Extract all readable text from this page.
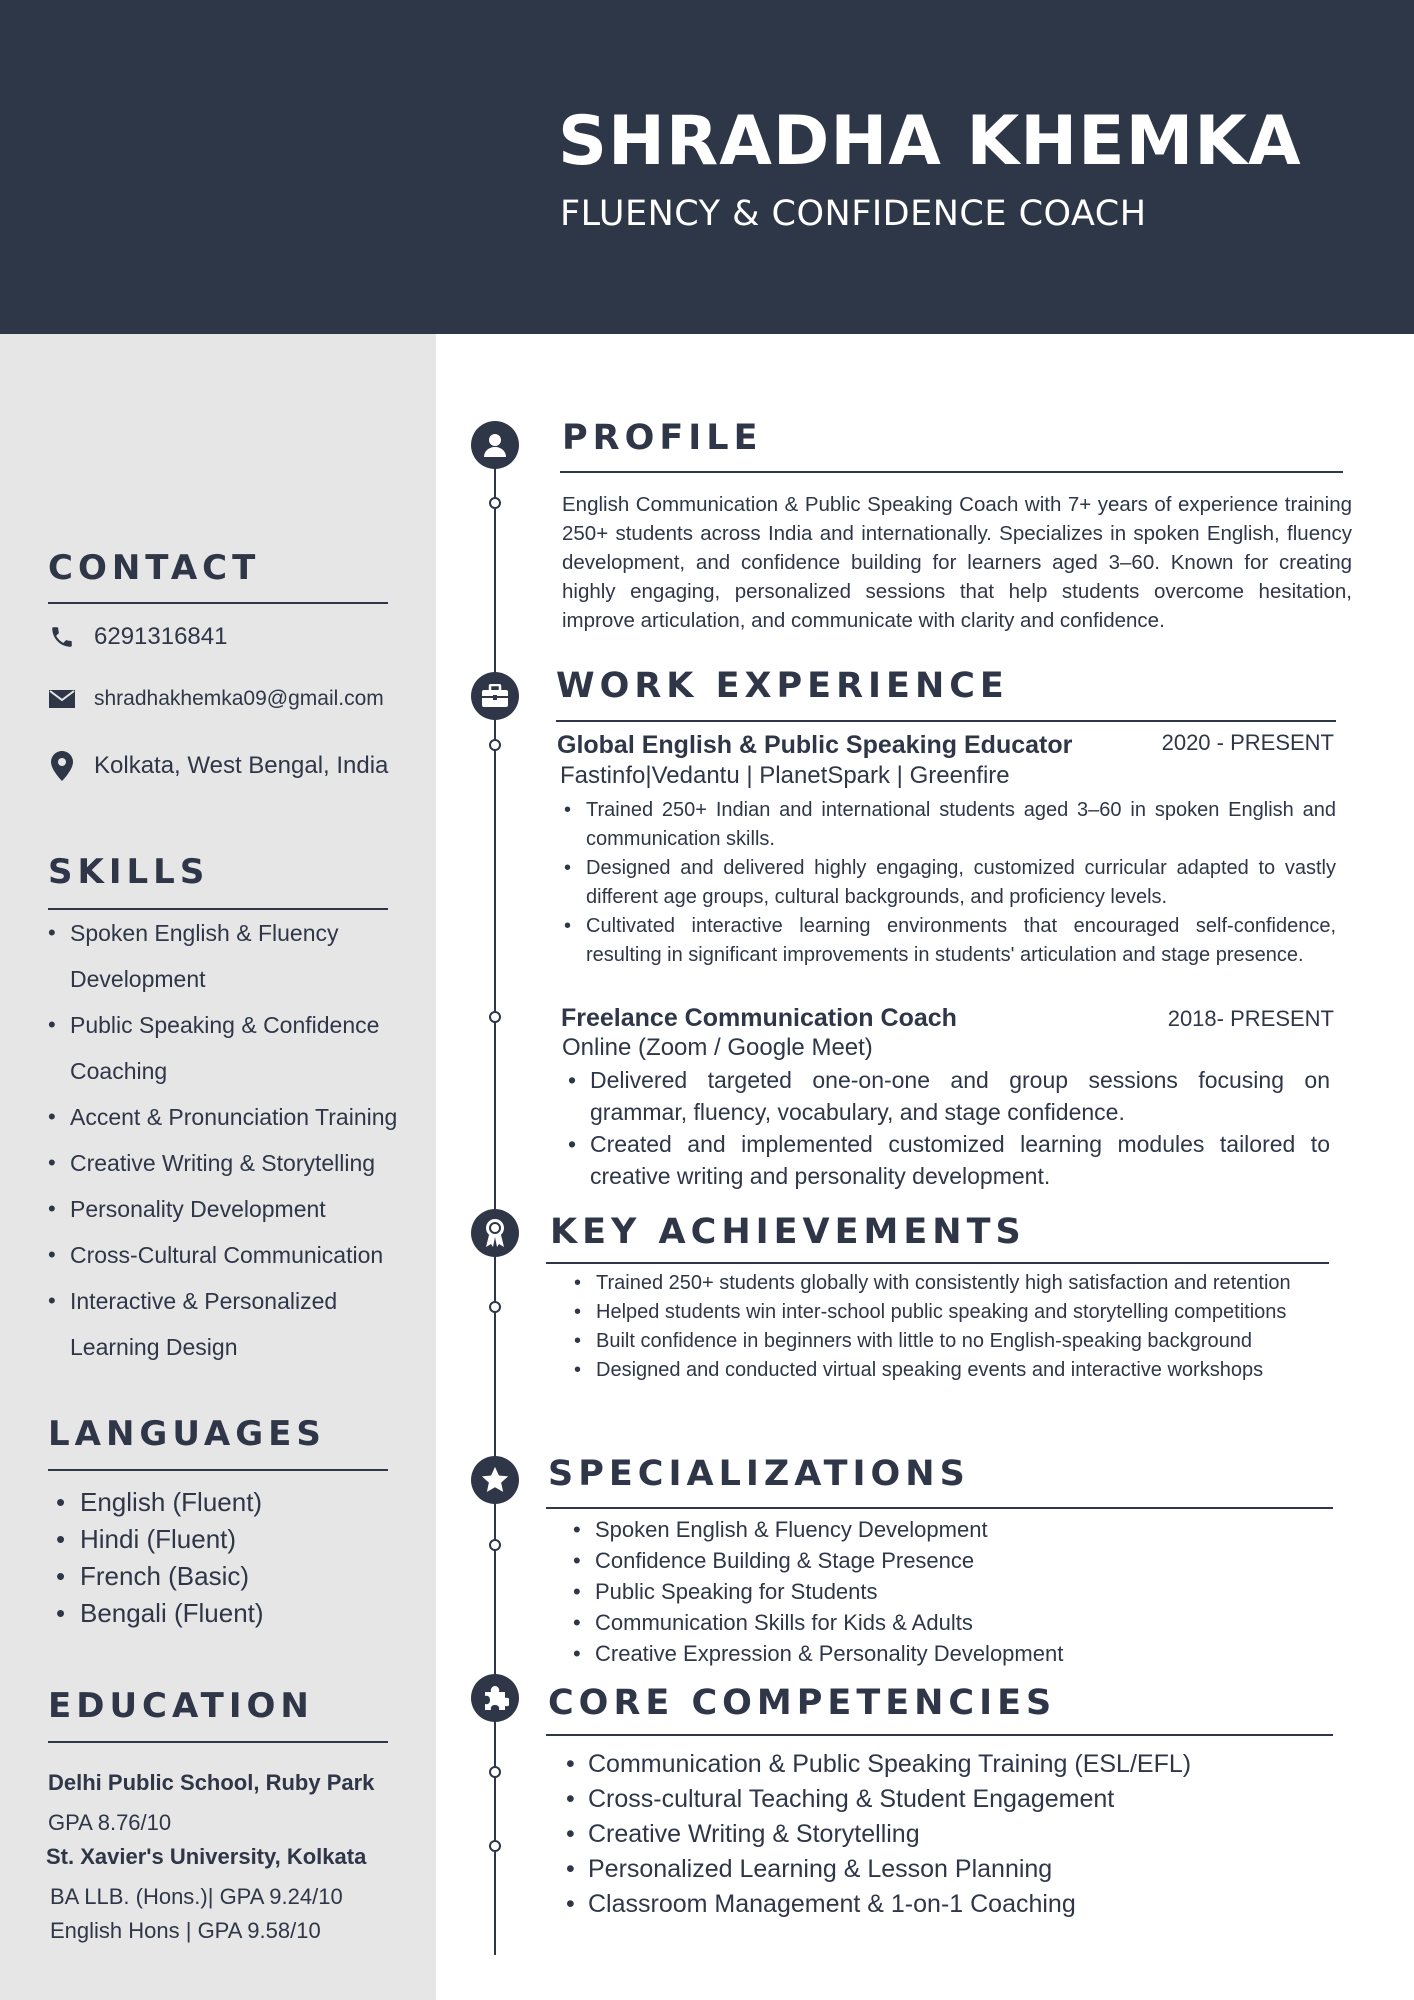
SHRADHA KHEMKA
FLUENCY & CONFIDENCE COACH
CONTACT
6291316841
shradhakhemka09@gmail.com
Kolkata, West Bengal, India
SKILLS
• Spoken English & Fluency Development
• Public Speaking & Confidence Coaching
• Accent & Pronunciation Training
• Creative Writing & Storytelling
• Personality Development
• Cross-Cultural Communication
• Interactive & Personalized Learning Design
LANGUAGES
• English (Fluent)
• Hindi (Fluent)
• French (Basic)
• Bengali (Fluent)
EDUCATION
Delhi Public School, Ruby Park
GPA 8.76/10
St. Xavier's University, Kolkata
BA LLB. (Hons.)| GPA 9.24/10
English Hons | GPA 9.58/10
PROFILE
English Communication & Public Speaking Coach with 7+ years of experience training 250+ students across India and internationally. Specializes in spoken English, fluency development, and confidence building for learners aged 3–60. Known for creating highly engaging, personalized sessions that help students overcome hesitation, improve articulation, and communicate with clarity and confidence.
WORK EXPERIENCE
Global English & Public Speaking Educator	2020 - PRESENT
Fastinfo|Vedantu | PlanetSpark | Greenfire
• Trained 250+ Indian and international students aged 3–60 in spoken English and communication skills.
• Designed and delivered highly engaging, customized curricular adapted to vastly different age groups, cultural backgrounds, and proficiency levels.
• Cultivated interactive learning environments that encouraged self-confidence, resulting in significant improvements in students' articulation and stage presence.
Freelance Communication Coach	2018- PRESENT
Online (Zoom / Google Meet)
• Delivered targeted one-on-one and group sessions focusing on grammar, fluency, vocabulary, and stage confidence.
• Created and implemented customized learning modules tailored to creative writing and personality development.
KEY ACHIEVEMENTS
• Trained 250+ students globally with consistently high satisfaction and retention
• Helped students win inter-school public speaking and storytelling competitions
• Built confidence in beginners with little to no English-speaking background
• Designed and conducted virtual speaking events and interactive workshops
SPECIALIZATIONS
• Spoken English & Fluency Development
• Confidence Building & Stage Presence
• Public Speaking for Students
• Communication Skills for Kids & Adults
• Creative Expression & Personality Development
CORE COMPETENCIES
• Communication & Public Speaking Training (ESL/EFL)
• Cross-cultural Teaching & Student Engagement
• Creative Writing & Storytelling
• Personalized Learning & Lesson Planning
• Classroom Management & 1-on-1 Coaching
